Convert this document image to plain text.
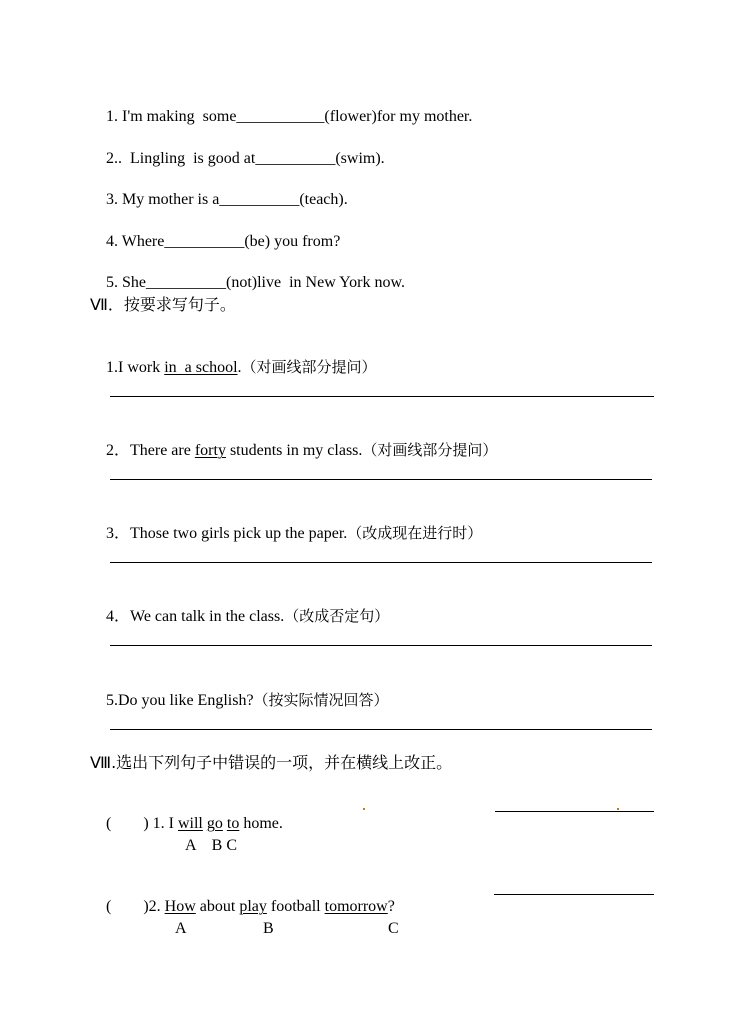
1. I'm making  some___________(flower)for my mother.

2..  Lingling  is good at__________(swim).

3. My mother is a__________(teach).

4. Where__________(be) you from?

5. She__________(not)live  in New York now.

Ⅶ．按要求写句子。

1.I work in  a school.（对画线部分提问）

2．There are forty students in my class.（对画线部分提问）

3．Those two girls pick up the paper.（改成现在进行时）

4．We can talk in the class.（改成否定句）

5.Do you like English?（按实际情况回答）

Ⅷ.选出下列句子中错误的一项，并在横线上改正。

(        ) 1. I will go to home.

A    B C

(        )2. How about play football tomorrow?

A	B	C
